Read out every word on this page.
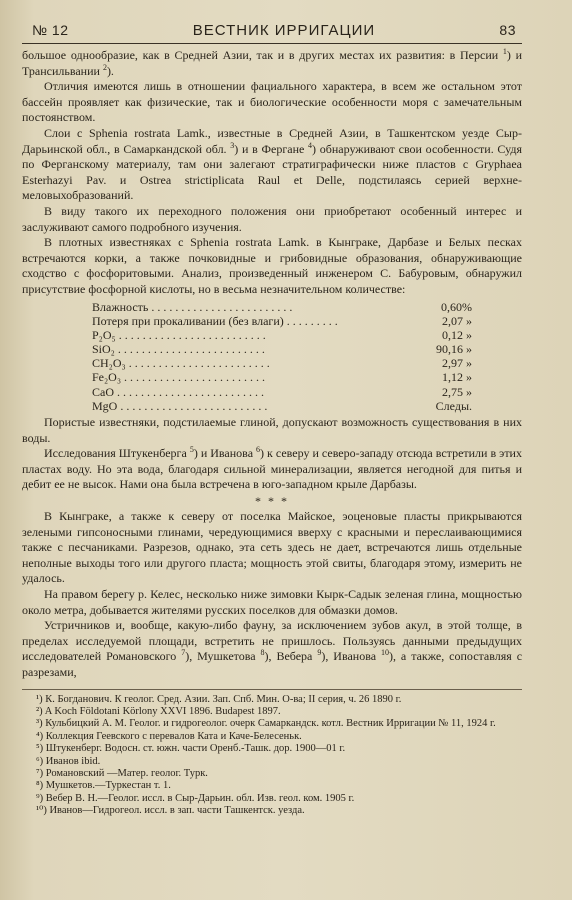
№ 12	ВЕСТНИК ИРРИГАЦИИ	83

большое однообразие, как в Средней Азии, так и в других местах их развития: в Персии $^1$) и Трансильвании $^2$).

Отличия имеются лишь в отношении фациального характера, в всем же остальном этот бассейн проявляет как физические, так и биологические особенности моря с замечательным постоянством.

Слои с Sphenia rostrata Lamk., известные в Средней Азии, в Ташкентском уезде Сыр-Дарьинской обл., в Самаркандской обл. $^3$) и в Фергане $^4$) обнаруживают свои особенности. Судя по Ферганскому материалу, там они залегают стратиграфически ниже пластов с Gryphaea Esterhazyi Pav. и Ostrea strictiplicata Raul et Delle, подстилаясь серией верхне-меловыхобразований.

В виду такого их переходного положения они приобретают особенный интерес и заслуживают самого подробного изучения.

В плотных известняках с Sphenia rostrata Lamk. в Кынграке, Дарбазе и Белых песках встречаются корки, а также почковидные и грибовидные образования, обнаруживающие сходство с фосфоритовыми. Анализ, произведенный инженером С. Бабуровым, обнаружил присутствие фосфорной кислоты, но в весьма незначительном количестве:

Влажность . . . . . . . . . . . . . . . . . . . . . . . .	0,60%
Потеря при прокаливании (без влаги) . . . . . . . . .	2,07 »
P₂O₅ . . . . . . . . . . . . . . . . . . . . . . . . .	0,12 »
SiO₂ . . . . . . . . . . . . . . . . . . . . . . . . .	90,16 »
CH₂O₃ . . . . . . . . . . . . . . . . . . . . . . . .	2,97 »
Fe₂O₃ . . . . . . . . . . . . . . . . . . . . . . . .	1,12 »
CaO . . . . . . . . . . . . . . . . . . . . . . . . .	2,75 »
MgO . . . . . . . . . . . . . . . . . . . . . . . . .	Следы.

Пористые известняки, подстилаемые глиной, допускают возможность существования в них воды.

Исследования Штукенберга $^5$) и Иванова $^6$) к северу и северо-западу отсюда встретили в этих пластах воду. Но эта вода, благодаря сильной минерализации, является негодной для питья и дебит ее не высок. Нами она была встречена в юго-западном крыле Дарбазы.

* * *

В Кынграке, а также к северу от поселка Майское, эоценовые пласты прикрываются зелеными гипсоносными глинами, чередующимися вверху с красными и переслаивающимися также с песчаниками. Разрезов, однако, эта сеть здесь не дает, встречаются лишь отдельные неполные выходы того или другого пласта; мощность этой свиты, благодаря этому, измерить не удалось.

На правом берегу р. Келес, несколько ниже зимовки Кырк-Садык зеленая глина, мощностью около метра, добывается жителями русских поселков для обмазки домов.

Устричников и, вообще, какую-либо фауну, за исключением зубов акул, в этой толще, в пределах исследуемой площади, встретить не пришлось. Пользуясь данными предыдущих исследователей Романовского $^7$), Мушкетова $^8$), Вебера $^9$), Иванова $^{10}$), а также, сопоставляя с разрезами,

¹) К. Богданович. К геолог. Сред. Азии. Зап. Спб. Мин. О-ва; II серия, ч. 26 1890 г.

²) A Koch Földotani Körlony XXVI 1896. Budapest 1897.

³) Кульбицкий А. М. Геолог. и гидрогеолог. очерк Самаркандск. котл. Вестник Ирригации № 11, 1924 г.

⁴) Коллекция Геевского с перевалов Ката и Каче-Белесеньк.

⁵) Штукенберг. Водосн. ст. южн. части Оренб.-Ташк. дор. 1900—01 г.

⁶) Иванов ibid.

⁷) Романовский —Матер. геолог. Турк.

⁸) Мушкетов.—Туркестан т. 1.

⁹) Вебер В. Н.—Геолог. иссл. в Сыр-Дарьин. обл. Изв. геол. ком. 1905 г.

¹⁰) Иванов—Гидрогеол. иссл. в зап. части Ташкентск. уезда.
